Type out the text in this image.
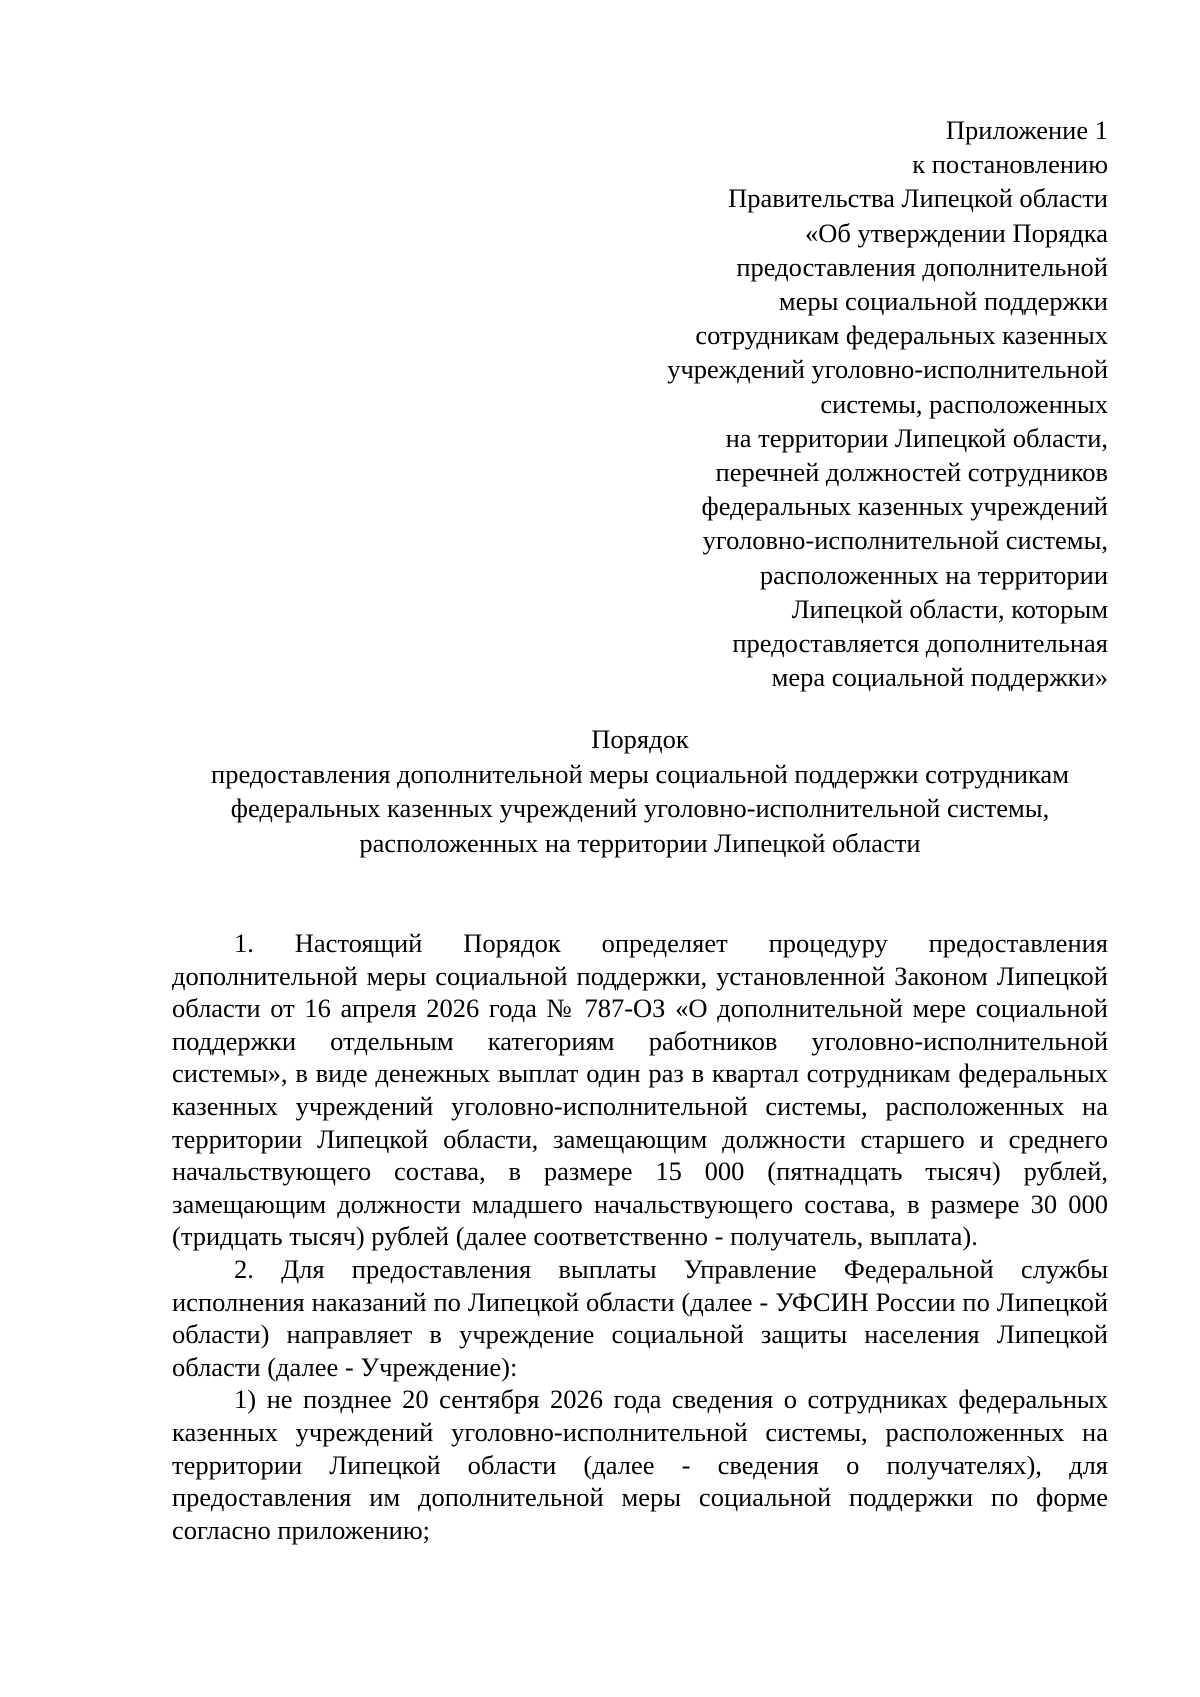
Приложение 1
к постановлению
Правительства Липецкой области
«Об утверждении Порядка
предоставления дополнительной
меры социальной поддержки
сотрудникам федеральных казенных
учреждений уголовно-исполнительной
системы, расположенных
на территории Липецкой области,
перечней должностей сотрудников
федеральных казенных учреждений
уголовно-исполнительной системы,
расположенных на территории
Липецкой области, которым
предоставляется дополнительная
мера социальной поддержки»
Порядок
предоставления дополнительной меры социальной поддержки сотрудникам
федеральных казенных учреждений уголовно-исполнительной системы,
расположенных на территории Липецкой области

1. Настоящий Порядок определяет процедуру предоставления дополнительной меры социальной поддержки, установленной Законом Липецкой области от 16 апреля 2026 года № 787-ОЗ «О дополнительной мере социальной поддержки отдельным категориям работников уголовно-исполнительной системы», в виде денежных выплат один раз в квартал сотрудникам федеральных казенных учреждений уголовно-исполнительной системы, расположенных на территории Липецкой области, замещающим должности старшего и среднего начальствующего состава, в размере 15 000 (пятнадцать тысяч) рублей, замещающим должности младшего начальствующего состава, в размере 30 000 (тридцать тысяч) рублей (далее соответственно - получатель, выплата).

2. Для предоставления выплаты Управление Федеральной службы исполнения наказаний по Липецкой области (далее - УФСИН России по Липецкой области) направляет в учреждение социальной защиты населения Липецкой области (далее - Учреждение):

1) не позднее 20 сентября 2026 года сведения о сотрудниках федеральных казенных учреждений уголовно-исполнительной системы, расположенных на территории Липецкой области (далее - сведения о получателях), для предоставления им дополнительной меры социальной поддержки по форме согласно приложению;
